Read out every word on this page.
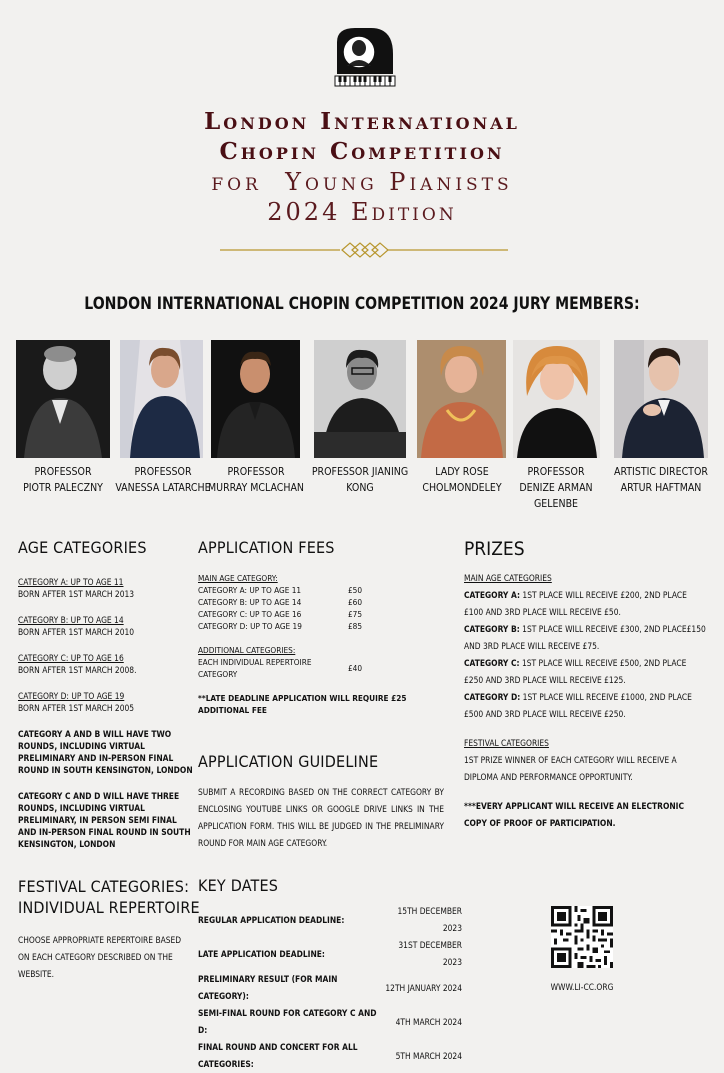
London International
Chopin Competition
for  Young Pianists
2024 Edition
LONDON INTERNATIONAL CHOPIN COMPETITION 2024 JURY MEMBERS:
PROFESSOR
PIOTR PALECZNY
PROFESSOR
VANESSA LATARCHE
PROFESSOR
MURRAY MCLACHAN
PROFESSOR JIANING
KONG
LADY ROSE
CHOLMONDELEY
PROFESSOR
DENIZE ARMAN
GELENBE
ARTISTIC DIRECTOR
ARTUR HAFTMAN
AGE CATEGORIES
CATEGORY A: UP TO AGE 11
BORN AFTER 1ST MARCH 2013
CATEGORY B: UP TO AGE 14
BORN AFTER 1ST MARCH 2010
CATEGORY C: UP TO AGE 16
BORN AFTER 1ST MARCH 2008.
CATEGORY D: UP TO AGE 19
BORN AFTER 1ST MARCH 2005
CATEGORY A AND B WILL HAVE TWO ROUNDS, INCLUDING VIRTUAL PRELIMINARY AND IN-PERSON FINAL ROUND IN SOUTH KENSINGTON, LONDON
CATEGORY C AND D WILL HAVE THREE ROUNDS, INCLUDING VIRTUAL PRELIMINARY, IN PERSON SEMI FINAL AND IN-PERSON FINAL ROUND IN SOUTH KENSINGTON, LONDON
APPLICATION FEES
MAIN AGE CATEGORY:
CATEGORY A: UP TO AGE 11	£50
CATEGORY B: UP TO AGE 14	£60
CATEGORY C: UP TO AGE 16	£75
CATEGORY D: UP TO AGE 19	£85
ADDITIONAL CATEGORIES:
EACH INDIVIDUAL REPERTOIRE CATEGORY	£40
**LATE DEADLINE APPLICATION WILL REQUIRE £25 ADDITIONAL FEE
PRIZES
MAIN AGE CATEGORIES
CATEGORY A: 1ST PLACE WILL RECEIVE £200, 2ND PLACE £100 AND 3RD PLACE WILL RECEIVE £50.
CATEGORY B: 1ST PLACE WILL RECEIVE £300, 2ND PLACE£150 AND 3RD PLACE WILL RECEIVE £75.
CATEGORY C: 1ST PLACE WILL RECEIVE £500, 2ND PLACE £250 AND 3RD PLACE WILL RECEIVE £125.
CATEGORY D: 1ST PLACE WILL RECEIVE £1000, 2ND PLACE £500 AND 3RD PLACE WILL RECEIVE £250.
FESTIVAL CATEGORIES
1ST PRIZE WINNER OF EACH CATEGORY WILL RECEIVE A DIPLOMA AND PERFORMANCE OPPORTUNITY.
***EVERY APPLICANT WILL RECEIVE AN ELECTRONIC COPY OF PROOF OF PARTICIPATION.
APPLICATION GUIDELINE
SUBMIT A RECORDING BASED ON THE CORRECT CATEGORY BY ENCLOSING YOUTUBE LINKS OR GOOGLE DRIVE LINKS IN THE APPLICATION FORM. THIS WILL BE JUDGED IN THE PRELIMINARY ROUND FOR MAIN AGE CATEGORY.
FESTIVAL CATEGORIES:
INDIVIDUAL REPERTOIRE
CHOOSE APPROPRIATE REPERTOIRE BASED ON EACH CATEGORY DESCRIBED ON THE WEBSITE.
KEY DATES
REGULAR APPLICATION DEADLINE:	15TH DECEMBER 2023
LATE APPLICATION DEADLINE:	31ST DECEMBER 2023
PRELIMINARY RESULT (FOR MAIN CATEGORY):	12TH JANUARY 2024
SEMI-FINAL ROUND FOR CATEGORY C AND D:	4TH MARCH 2024
FINAL ROUND AND CONCERT FOR ALL CATEGORIES:	5TH MARCH 2024
WWW.LI-CC.ORG
